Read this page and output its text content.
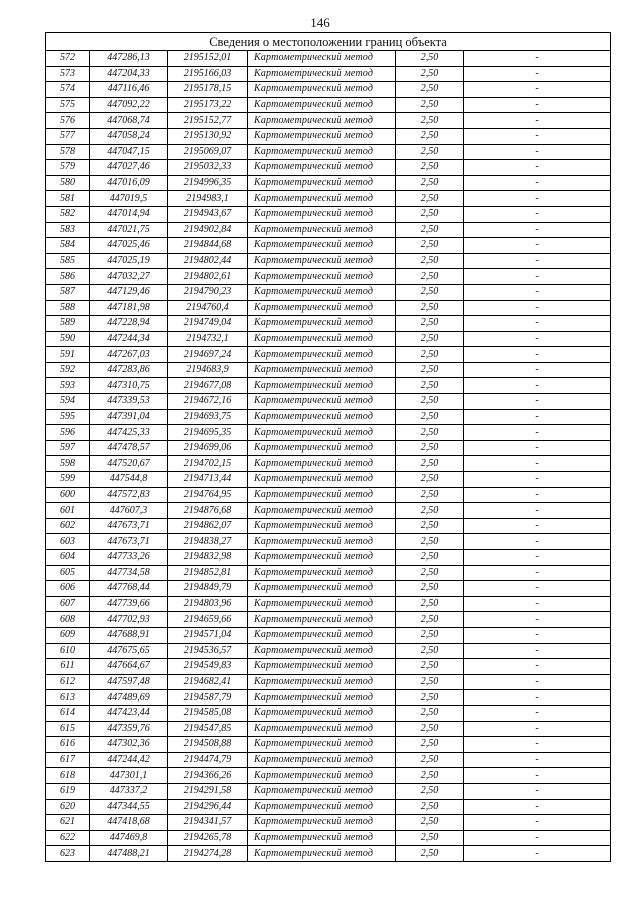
146
Сведения о местоположении границ объекта					
572	447286,13	2195152,01	Картометрический метод	2,50	-
573	447204,33	2195166,03	Картометрический метод	2,50	-
574	447116,46	2195178,15	Картометрический метод	2,50	-
575	447092,22	2195173,22	Картометрический метод	2,50	-
576	447068,74	2195152,77	Картометрический метод	2,50	-
577	447058,24	2195130,92	Картометрический метод	2,50	-
578	447047,15	2195069,07	Картометрический метод	2,50	-
579	447027,46	2195032,33	Картометрический метод	2,50	-
580	447016,09	2194996,35	Картометрический метод	2,50	-
581	447019,5	2194983,1	Картометрический метод	2,50	-
582	447014,94	2194943,67	Картометрический метод	2,50	-
583	447021,75	2194902,84	Картометрический метод	2,50	-
584	447025,46	2194844,68	Картометрический метод	2,50	-
585	447025,19	2194802,44	Картометрический метод	2,50	-
586	447032,27	2194802,61	Картометрический метод	2,50	-
587	447129,46	2194790,23	Картометрический метод	2,50	-
588	447181,98	2194760,4	Картометрический метод	2,50	-
589	447228,94	2194749,04	Картометрический метод	2,50	-
590	447244,34	2194732,1	Картометрический метод	2,50	-
591	447267,03	2194697,24	Картометрический метод	2,50	-
592	447283,86	2194683,9	Картометрический метод	2,50	-
593	447310,75	2194677,08	Картометрический метод	2,50	-
594	447339,53	2194672,16	Картометрический метод	2,50	-
595	447391,04	2194693,75	Картометрический метод	2,50	-
596	447425,33	2194695,35	Картометрический метод	2,50	-
597	447478,57	2194699,06	Картометрический метод	2,50	-
598	447520,67	2194702,15	Картометрический метод	2,50	-
599	447544,8	2194713,44	Картометрический метод	2,50	-
600	447572,83	2194764,95	Картометрический метод	2,50	-
601	447607,3	2194876,68	Картометрический метод	2,50	-
602	447673,71	2194862,07	Картометрический метод	2,50	-
603	447673,71	2194838,27	Картометрический метод	2,50	-
604	447733,26	2194832,98	Картометрический метод	2,50	-
605	447734,58	2194852,81	Картометрический метод	2,50	-
606	447768,44	2194849,79	Картометрический метод	2,50	-
607	447739,66	2194803,96	Картометрический метод	2,50	-
608	447702,93	2194659,66	Картометрический метод	2,50	-
609	447688,91	2194571,04	Картометрический метод	2,50	-
610	447675,65	2194536,57	Картометрический метод	2,50	-
611	447664,67	2194549,83	Картометрический метод	2,50	-
612	447597,48	2194682,41	Картометрический метод	2,50	-
613	447489,69	2194587,79	Картометрический метод	2,50	-
614	447423,44	2194585,08	Картометрический метод	2,50	-
615	447359,76	2194547,85	Картометрический метод	2,50	-
616	447302,36	2194508,88	Картометрический метод	2,50	-
617	447244,42	2194474,79	Картометрический метод	2,50	-
618	447301,1	2194366,26	Картометрический метод	2,50	-
619	447337,2	2194291,58	Картометрический метод	2,50	-
620	447344,55	2194296,44	Картометрический метод	2,50	-
621	447418,68	2194341,57	Картометрический метод	2,50	-
622	447469,8	2194265,78	Картометрический метод	2,50	-
623	447488,21	2194274,28	Картометрический метод	2,50	-
